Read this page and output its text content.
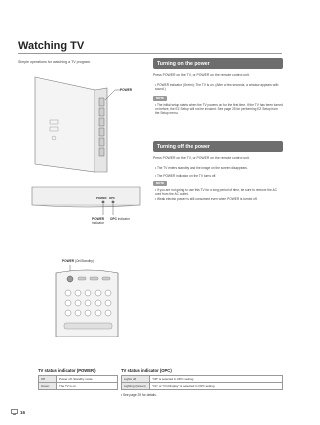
Watching TV
Simple operations for watching a TV program.
POWER
POWER OPC
POWER
indicator
OPC indicator
POWER (On/Standby)
Turning on the power
Press POWER on the TV, or POWER on the remote control unit.
• POWER indicator (Green): The TV is on. (After a few seconds, a window appears with sound.)
NOTE
• The initial setup starts when the TV powers on for the first time. If the TV has been turned on before, the EZ Setup will not be invoked. See page 25 for performing EZ Setup from the Setup menu.
Turning off the power
Press POWER on the TV, or POWER on the remote control unit.
• The TV enters standby and the image on the screen disappears.
• The POWER indicator on the TV turns off.
NOTE
• If you are not going to use this TV for a long period of time, be sure to remove the AC cord from the AC outlet.
• Weak electric power is still consumed even when POWER is turned off.
TV status indicator (POWER)
Off	Power off, Standby mode
Green	The TV is on.
TV status indicator (OPC)
Lights off	"Off" is selected in OPC setting.
Lighting (Green)	"On" or "On:Display" is selected in OPC setting.
• See page 29 for details.
16
